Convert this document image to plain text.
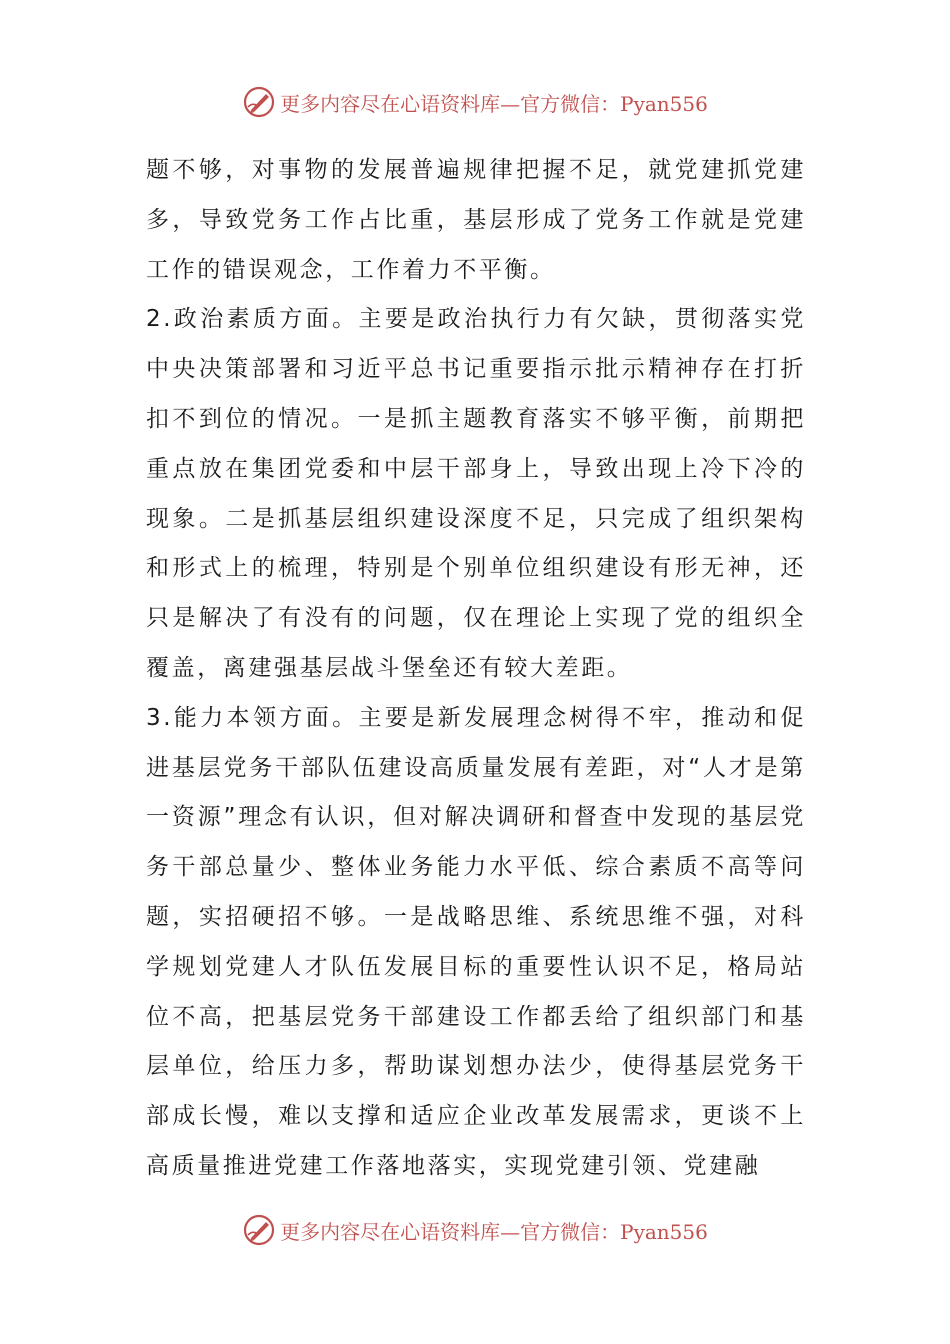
更多内容尽在心语资料库—官方微信：Pyan556

题不够，对事物的发展普遍规律把握不足，就党建抓党建多，导致党务工作占比重，基层形成了党务工作就是党建工作的错误观念，工作着力不平衡。

2.政治素质方面。主要是政治执行力有欠缺，贯彻落实党中央决策部署和习近平总书记重要指示批示精神存在打折扣不到位的情况。一是抓主题教育落实不够平衡，前期把重点放在集团党委和中层干部身上，导致出现上冷下冷的现象。二是抓基层组织建设深度不足，只完成了组织架构和形式上的梳理，特别是个别单位组织建设有形无神，还只是解决了有没有的问题，仅在理论上实现了党的组织全覆盖，离建强基层战斗堡垒还有较大差距。

3.能力本领方面。主要是新发展理念树得不牢，推动和促进基层党务干部队伍建设高质量发展有差距，对“人才是第一资源”理念有认识，但对解决调研和督查中发现的基层党务干部总量少、整体业务能力水平低、综合素质不高等问题，实招硬招不够。一是战略思维、系统思维不强，对科学规划党建人才队伍发展目标的重要性认识不足，格局站位不高，把基层党务干部建设工作都丢给了组织部门和基层单位，给压力多，帮助谋划想办法少，使得基层党务干部成长慢，难以支撑和适应企业改革发展需求，更谈不上高质量推进党建工作落地落实，实现党建引领、党建融

更多内容尽在心语资料库—官方微信：Pyan556
